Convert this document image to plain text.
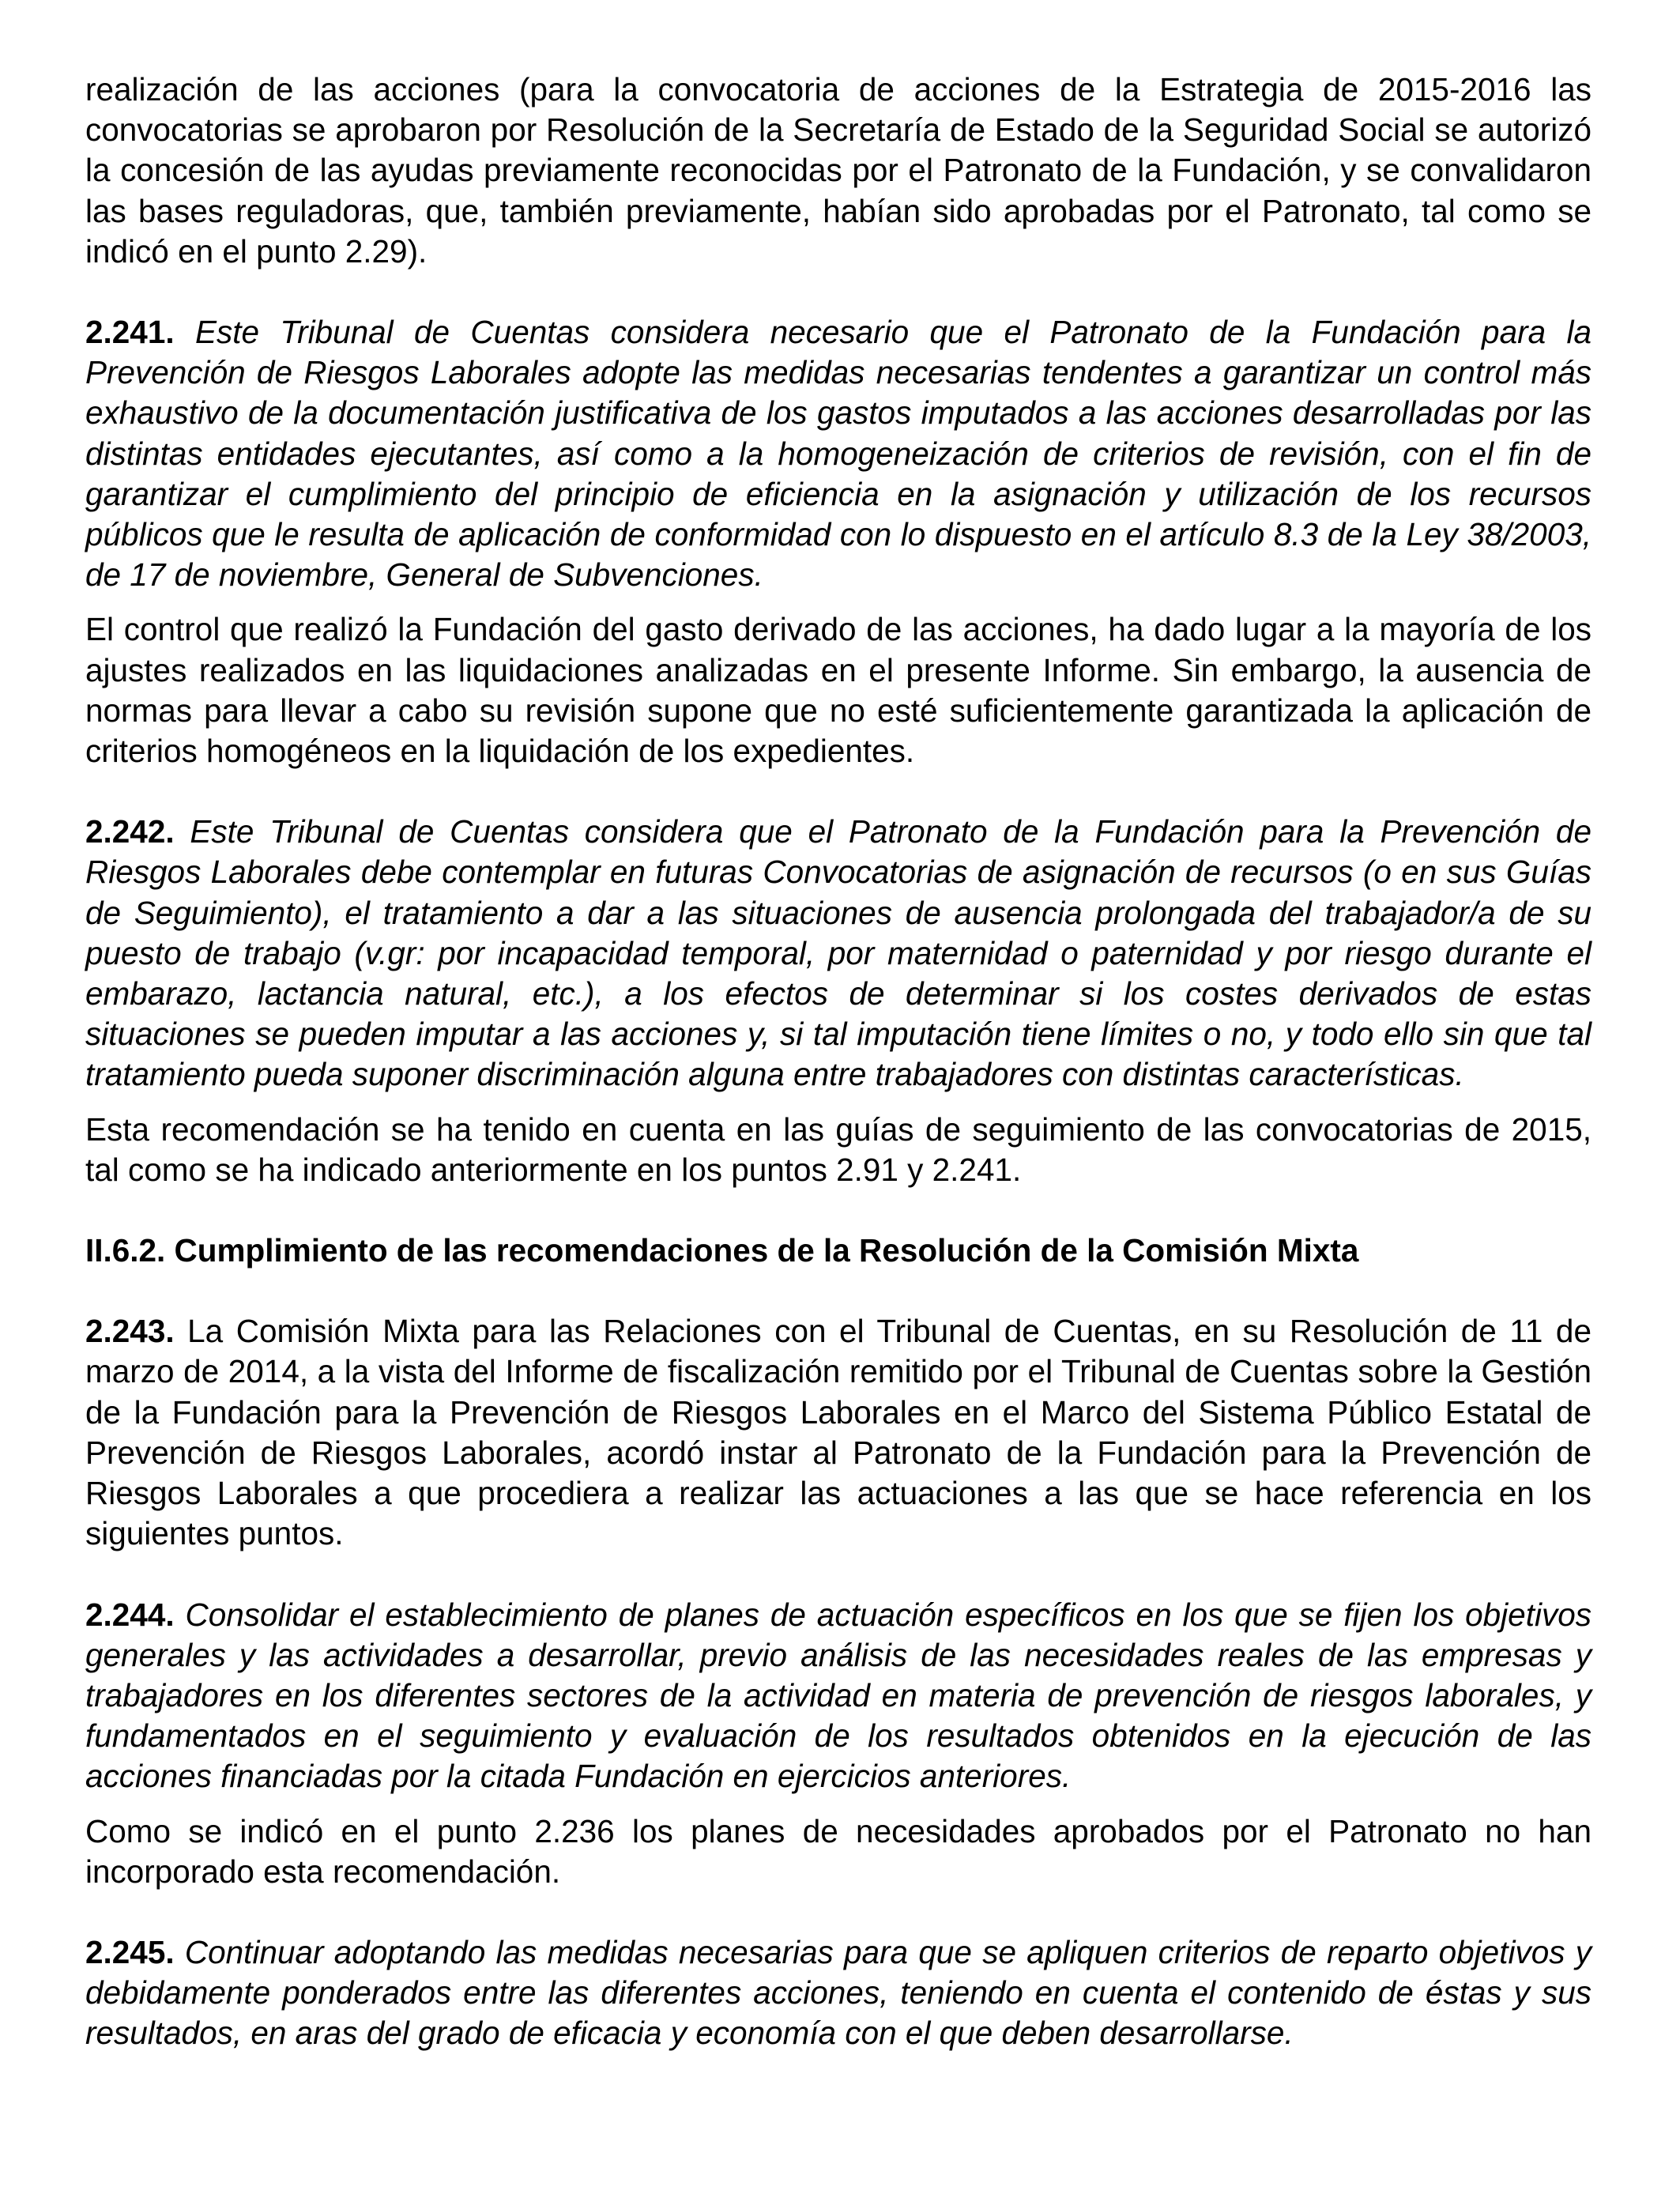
realización de las acciones (para la convocatoria de acciones de la Estrategia de 2015-2016 las convocatorias se aprobaron por Resolución de la Secretaría de Estado de la Seguridad Social se autorizó la concesión de las ayudas previamente reconocidas por el Patronato de la Fundación, y se convalidaron las bases reguladoras, que, también previamente, habían sido aprobadas por el Patronato, tal como se indicó en el punto 2.29).

2.241. Este Tribunal de Cuentas considera necesario que el Patronato de la Fundación para la Prevención de Riesgos Laborales adopte las medidas necesarias tendentes a garantizar un control más exhaustivo de la documentación justificativa de los gastos imputados a las acciones desarrolladas por las distintas entidades ejecutantes, así como a la homogeneización de criterios de revisión, con el fin de garantizar el cumplimiento del principio de eficiencia en la asignación y utilización de los recursos públicos que le resulta de aplicación de conformidad con lo dispuesto en el artículo 8.3 de la Ley 38/2003, de 17 de noviembre, General de Subvenciones.

El control que realizó la Fundación del gasto derivado de las acciones, ha dado lugar a la mayoría de los ajustes realizados en las liquidaciones analizadas en el presente Informe. Sin embargo, la ausencia de normas para llevar a cabo su revisión supone que no esté suficientemente garantizada la aplicación de criterios homogéneos en la liquidación de los expedientes.

2.242. Este Tribunal de Cuentas considera que el Patronato de la Fundación para la Prevención de Riesgos Laborales debe contemplar en futuras Convocatorias de asignación de recursos (o en sus Guías de Seguimiento), el tratamiento a dar a las situaciones de ausencia prolongada del trabajador/a de su puesto de trabajo (v.gr: por incapacidad temporal, por maternidad o paternidad y por riesgo durante el embarazo, lactancia natural, etc.), a los efectos de determinar si los costes derivados de estas situaciones se pueden imputar a las acciones y, si tal imputación tiene límites o no, y todo ello sin que tal tratamiento pueda suponer discriminación alguna entre trabajadores con distintas características.

Esta recomendación se ha tenido en cuenta en las guías de seguimiento de las convocatorias de 2015, tal como se ha indicado anteriormente en los puntos 2.91 y 2.241.

II.6.2. Cumplimiento de las recomendaciones de la Resolución de la Comisión Mixta

2.243. La Comisión Mixta para las Relaciones con el Tribunal de Cuentas, en su Resolución de 11 de marzo de 2014, a la vista del Informe de fiscalización remitido por el Tribunal de Cuentas sobre la Gestión de la Fundación para la Prevención de Riesgos Laborales en el Marco del Sistema Público Estatal de Prevención de Riesgos Laborales, acordó instar al Patronato de la Fundación para la Prevención de Riesgos Laborales a que procediera a realizar las actuaciones a las que se hace referencia en los siguientes puntos.

2.244. Consolidar el establecimiento de planes de actuación específicos en los que se fijen los objetivos generales y las actividades a desarrollar, previo análisis de las necesidades reales de las empresas y trabajadores en los diferentes sectores de la actividad en materia de prevención de riesgos laborales, y fundamentados en el seguimiento y evaluación de los resultados obtenidos en la ejecución de las acciones financiadas por la citada Fundación en ejercicios anteriores.

Como se indicó en el punto 2.236 los planes de necesidades aprobados por el Patronato no han incorporado esta recomendación.

2.245. Continuar adoptando las medidas necesarias para que se apliquen criterios de reparto objetivos y debidamente ponderados entre las diferentes acciones, teniendo en cuenta el contenido de éstas y sus resultados, en aras del grado de eficacia y economía con el que deben desarrollarse.
